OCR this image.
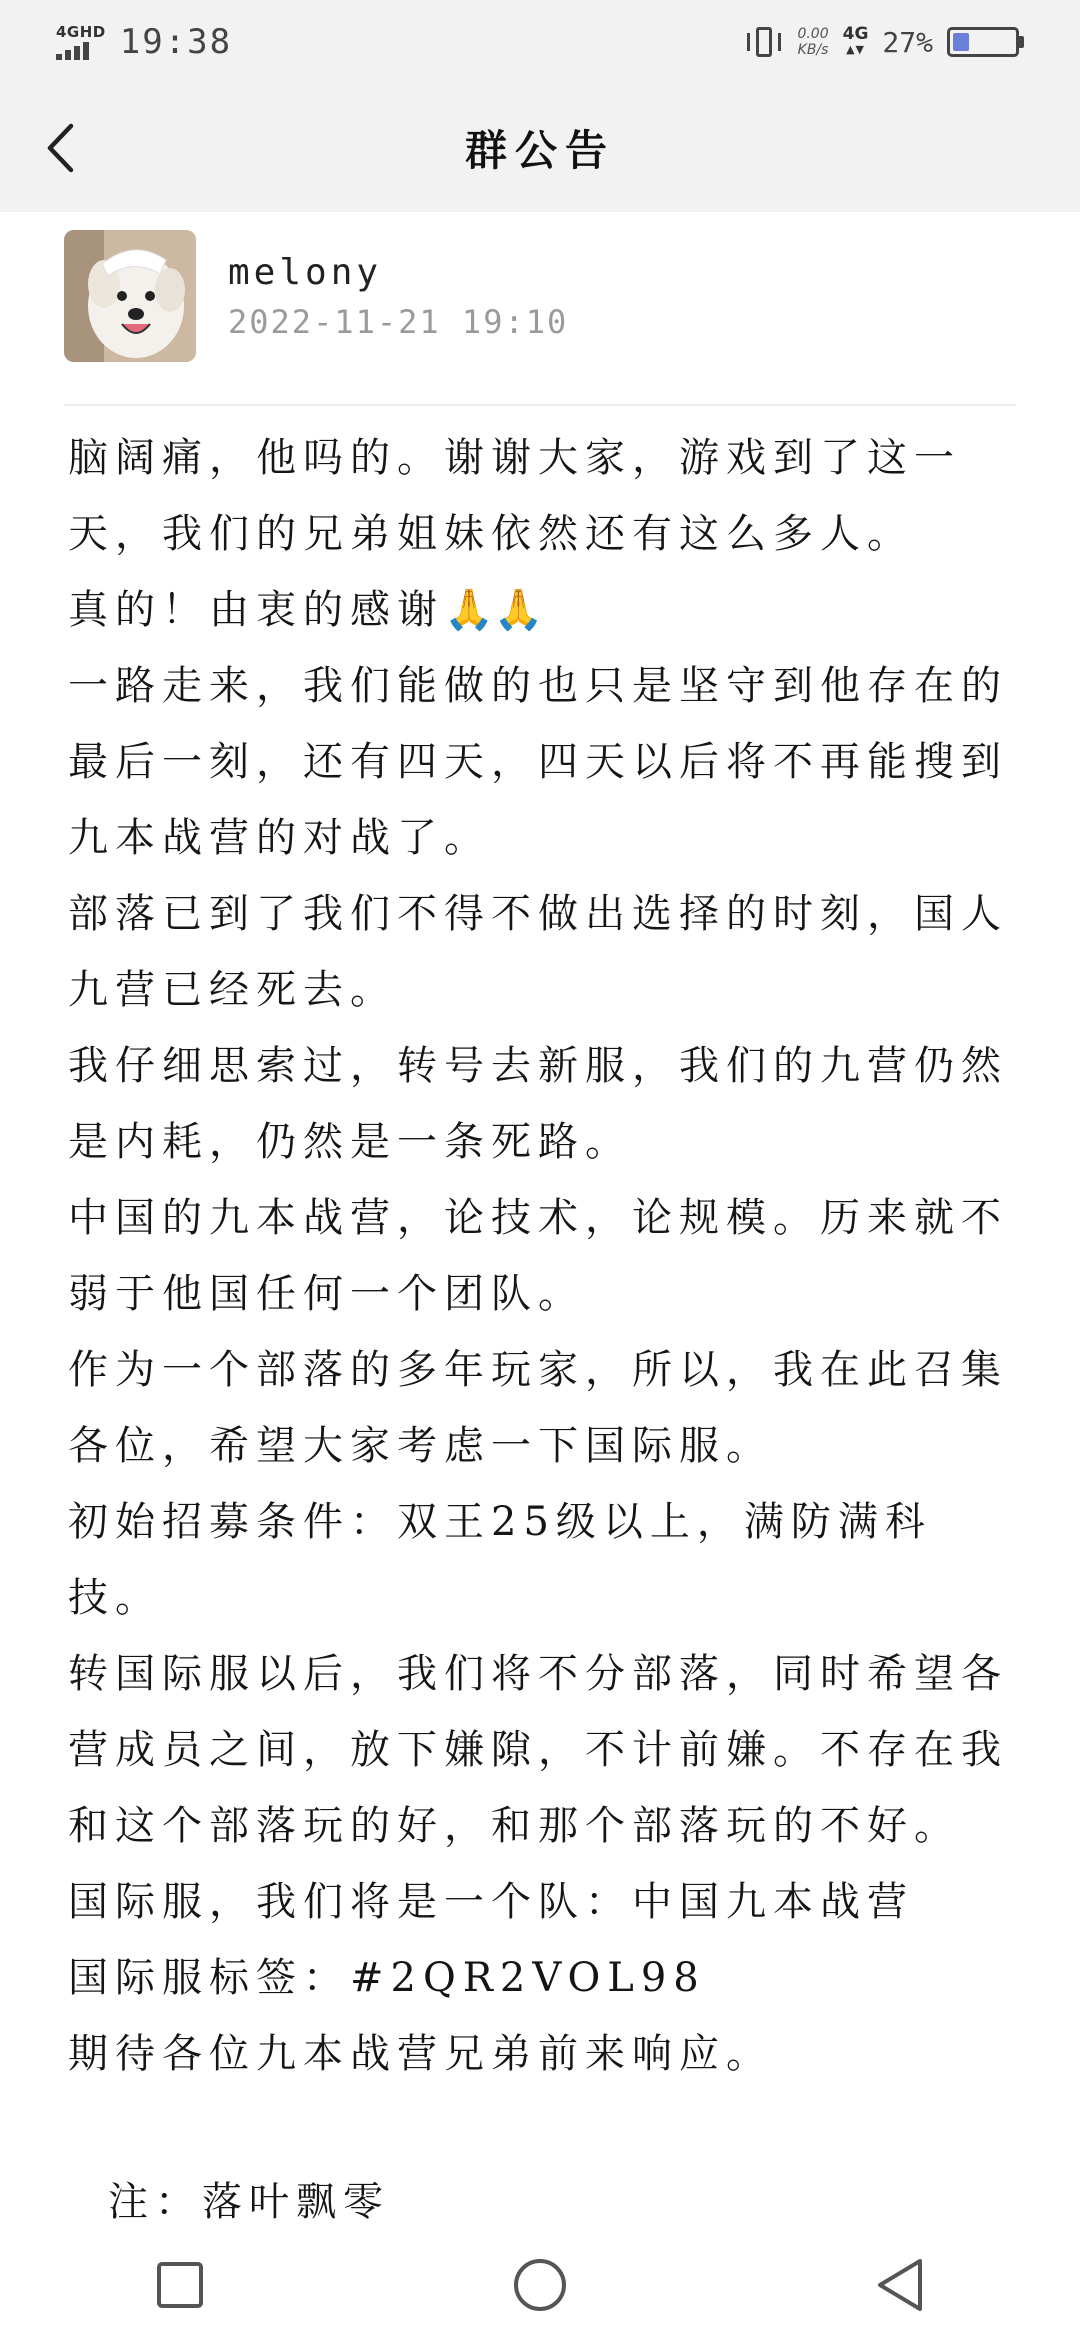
4GHD 19:38	0.00
KB/s
4G
▲▼ 27%
群公告
melony
2022-11-21 19:10

脑阔痛，他吗的。谢谢大家，游戏到了这一天，我们的兄弟姐妹依然还有这么多人。

真的！由衷的感谢🙏🙏

一路走来，我们能做的也只是坚守到他存在的最后一刻，还有四天，四天以后将不再能搜到九本战营的对战了。

部落已到了我们不得不做出选择的时刻，国人九营已经死去。

我仔细思索过，转号去新服，我们的九营仍然是内耗，仍然是一条死路。

中国的九本战营，论技术，论规模。历来就不弱于他国任何一个团队。

作为一个部落的多年玩家，所以，我在此召集各位，希望大家考虑一下国际服。

初始招募条件：双王25级以上，满防满科技。

转国际服以后，我们将不分部落，同时希望各营成员之间，放下嫌隙，不计前嫌。不存在我和这个部落玩的好，和那个部落玩的不好。

国际服，我们将是一个队：中国九本战营

国际服标签：#2QR2VOL98

期待各位九本战营兄弟前来响应。

注：落叶飘零
